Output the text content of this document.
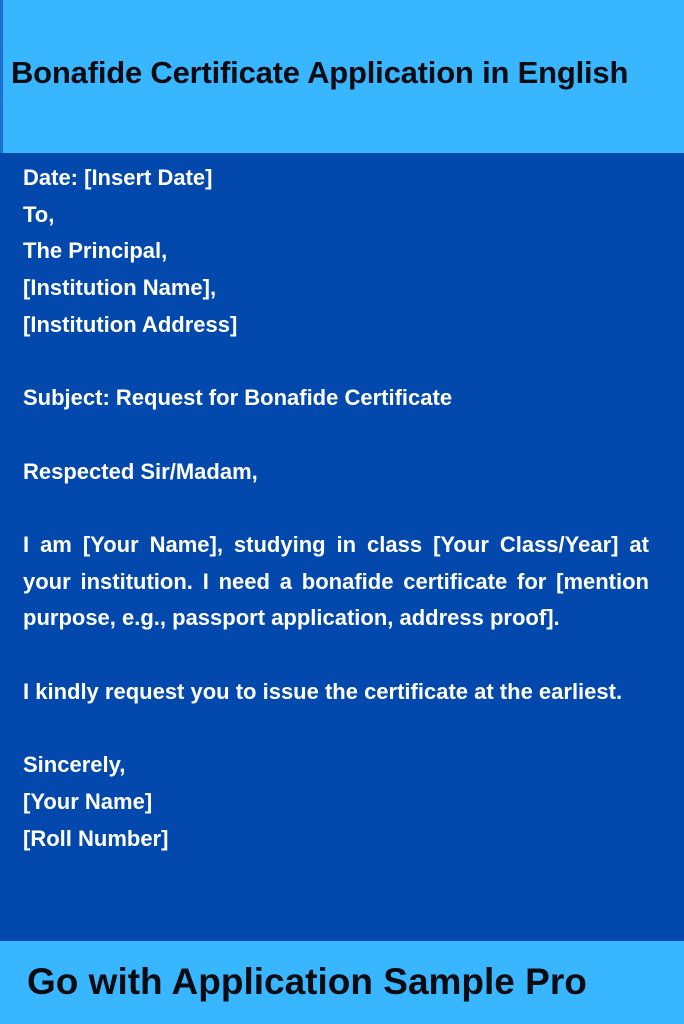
Bonafide Certificate Application in English
Date: [Insert Date]
To,
The Principal,
[Institution Name],
[Institution Address]
Subject: Request for Bonafide Certificate
Respected Sir/Madam,
I am [Your Name], studying in class [Your Class/Year] at your institution. I need a bonafide certificate for [mention purpose, e.g., passport application, address proof].
I kindly request you to issue the certificate at the earliest.
Sincerely,
[Your Name]
[Roll Number]
Go with Application Sample Pro
